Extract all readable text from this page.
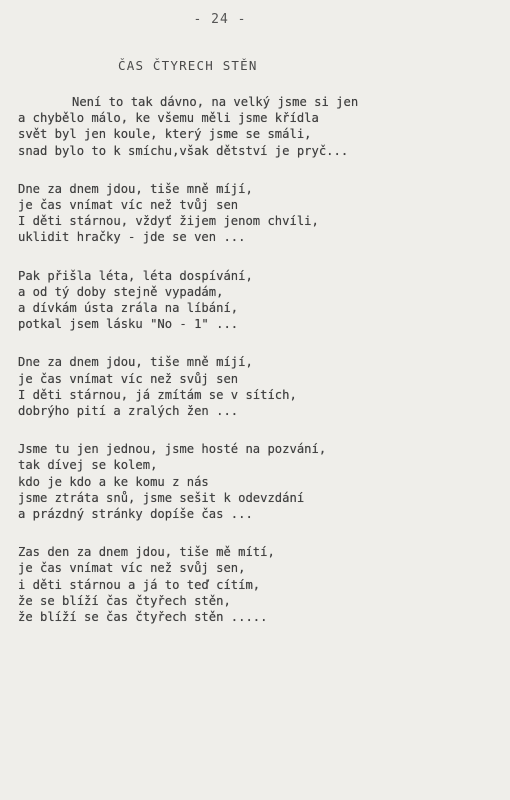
- 24 -
ČAS ČTYRECH STĚN
Není to tak dávno, na velký jsme si jen
a chybělo málo, ke všemu měli jsme křídla
svět byl jen koule, který jsme se smáli,
snad bylo to k smíchu,však dětství je pryč...
Dne za dnem jdou, tiše mně míjí,
je čas vnímat víc než tvůj sen
I děti stárnou, vždyť žijem jenom chvíli,
uklidit hračky - jde se ven ...
Pak přišla léta, léta dospívání,
a od tý doby stejně vypadám,
a dívkám ústa zrála na líbání,
potkal jsem lásku "No - 1" ...
Dne za dnem jdou, tiše mně míjí,
je čas vnímat víc než svůj sen
I děti stárnou, já zmítám se v sítích,
dobrýho pití a zralých žen ...
Jsme tu jen jednou, jsme hosté na pozvání,
tak dívej se kolem,
kdo je kdo a ke komu z nás
jsme ztráta snů, jsme sešit k odevzdání
a prázdný stránky dopíše čas ...
Zas den za dnem jdou, tiše mě mítí,
je čas vnímat víc než svůj sen,
i děti stárnou a já to teď cítím,
že se blíží čas čtyřech stěn,
že blíží se čas čtyřech stěn .....
